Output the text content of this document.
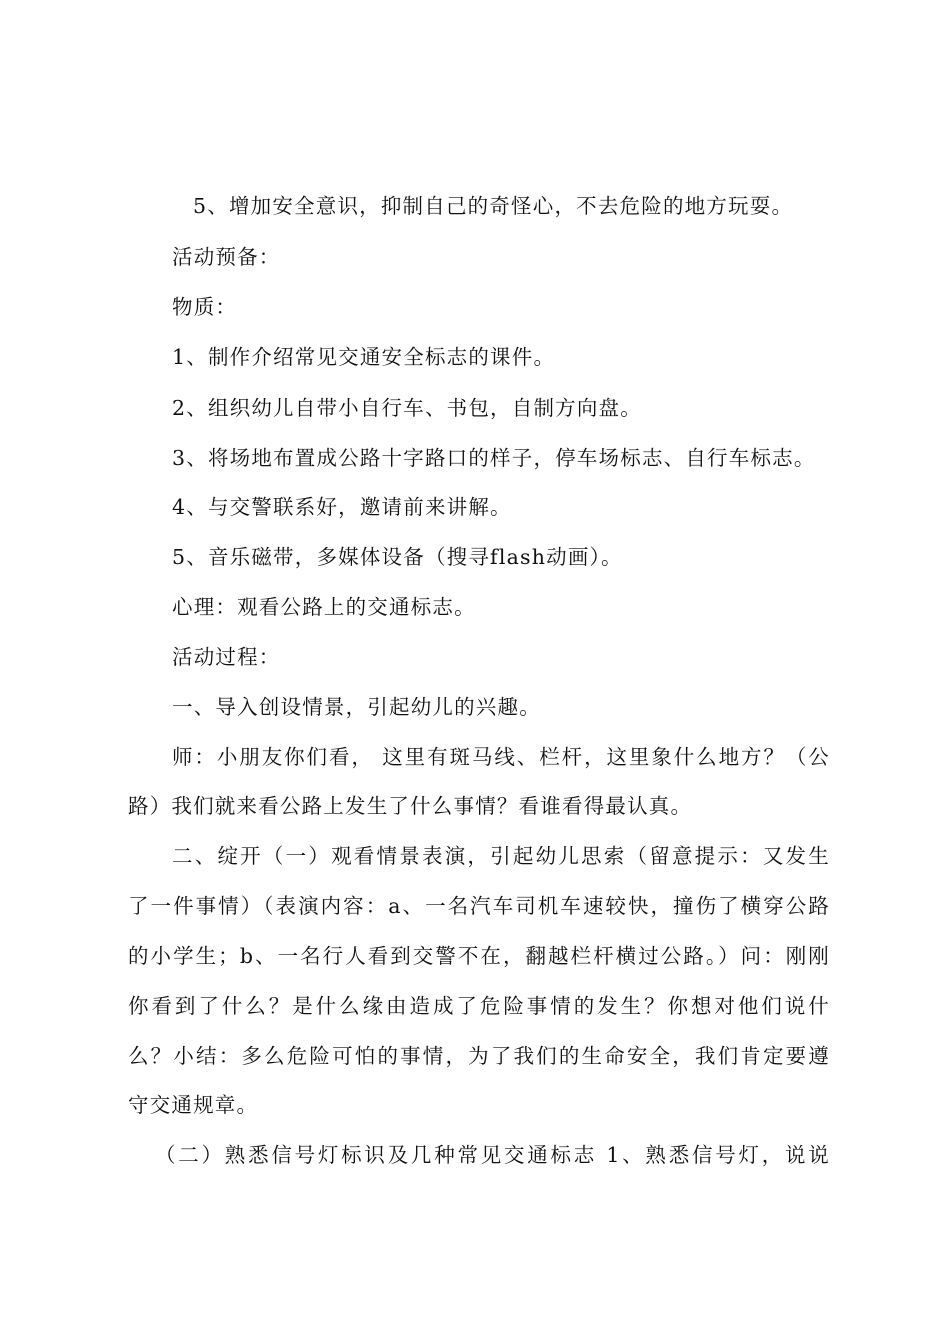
5、增加安全意识，抑制自己的奇怪心，不去危险的地方玩耍。
活动预备：
物质：
1、制作介绍常见交通安全标志的课件。
2、组织幼儿自带小自行车、书包，自制方向盘。
3、将场地布置成公路十字路口的样子，停车场标志、自行车标志。
4、与交警联系好，邀请前来讲解。
5、音乐磁带，多媒体设备（搜寻flash动画）。
心理：观看公路上的交通标志。
活动过程：
一、导入创设情景，引起幼儿的兴趣。
师：小朋友你们看， 这里有斑马线、栏杆，这里象什么地方？（公
路）我们就来看公路上发生了什么事情？看谁看得最认真。
二、绽开（一）观看情景表演，引起幼儿思索（留意提示：又发生
了一件事情）（表演内容：a、一名汽车司机车速较快，撞伤了横穿公路
的小学生；b、一名行人看到交警不在，翻越栏杆横过公路。）问：刚刚
你看到了什么？是什么缘由造成了危险事情的发生？你想对他们说什
么？小结：多么危险可怕的事情，为了我们的生命安全，我们肯定要遵
守交通规章。
（二）熟悉信号灯标识及几种常见交通标志 1、熟悉信号灯，说说
